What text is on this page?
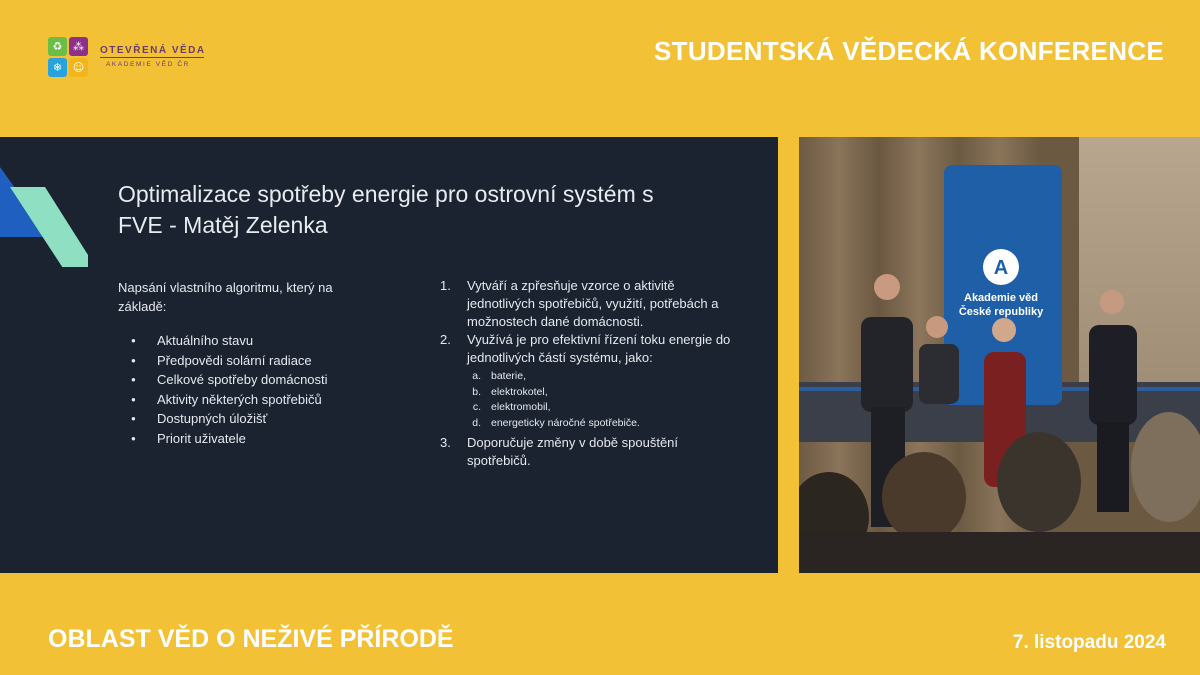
♻ ⁂
❄ ☺
OTEVŘENÁ VĚDA
AKADEMIE VĚD ČR	STUDENTSKÁ VĚDECKÁ KONFERENCE
Optimalizace spotřeby energie pro ostrovní systém s FVE - Matěj Zelenka
Napsání vlastního algoritmu, který na základě:
● Aktuálního stavu
● Předpovědi solární radiace
● Celkové spotřeby domácnosti
● Aktivity některých spotřebičů
● Dostupných úložišť
● Priorit uživatele
1. Vytváří a zpřesňuje vzorce o aktivitě jednotlivých spotřebičů, využití, potřebách a možnostech dané domácnosti.
2. Využívá je pro efektivní řízení toku energie do jednotlivých částí systému, jako:
a. baterie,
b. elektrokotel,
c. elektromobil,
d. energeticky náročné spotřebiče.
3. Doporučuje změny v době spouštění spotřebičů.
A
Akademie věd
České republiky
OBLAST VĚD O NEŽIVÉ PŘÍRODĚ	7. listopadu 2024
